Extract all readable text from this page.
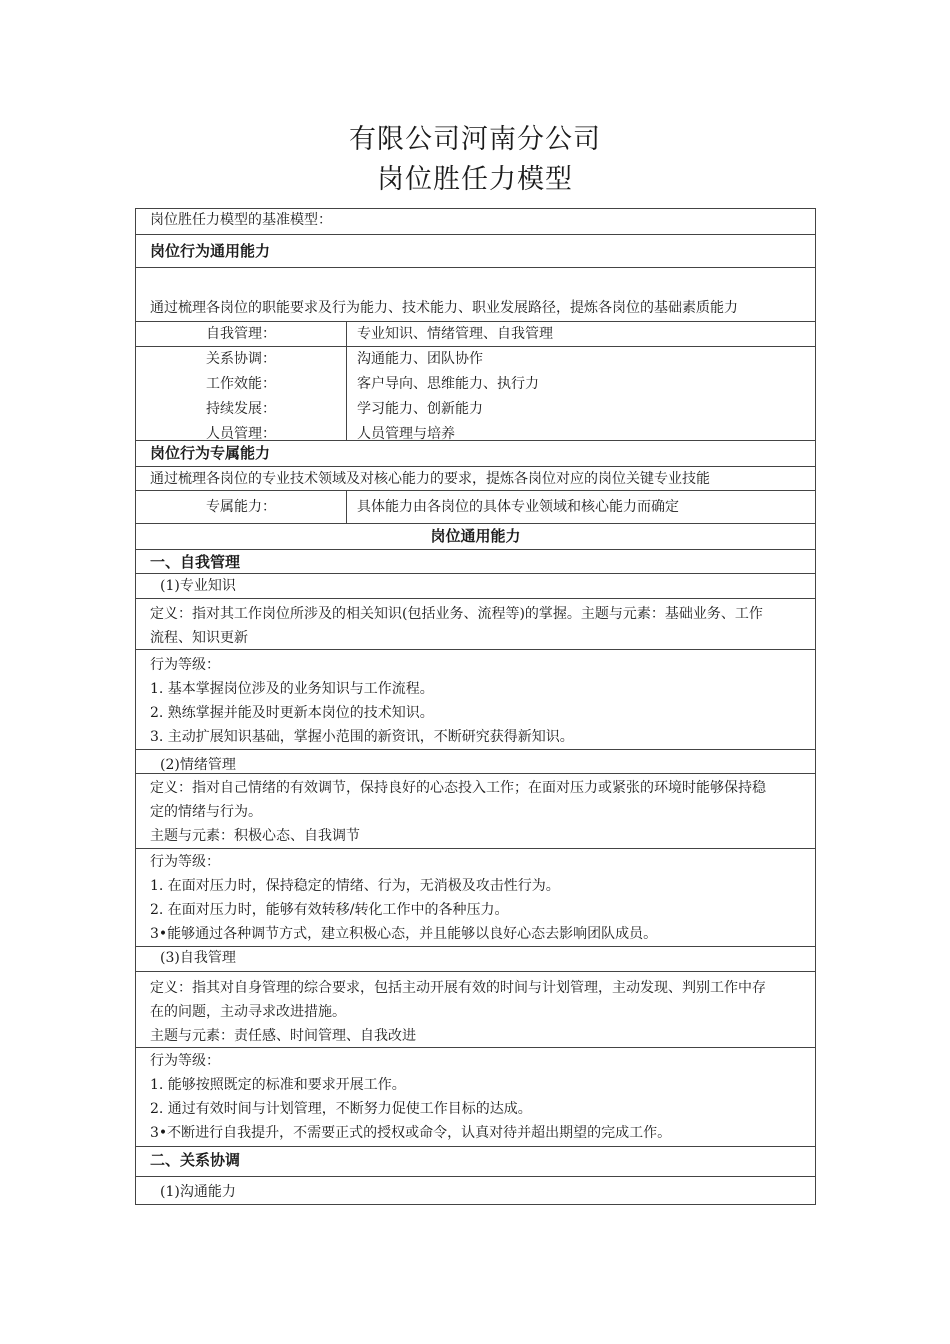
有限公司河南分公司
岗位胜任力模型
岗位胜任力模型的基准模型：
岗位行为通用能力
通过梳理各岗位的职能要求及行为能力、技术能力、职业发展路径，提炼各岗位的基础素质能力
自我管理：	专业知识、情绪管理、自我管理
关系协调：	沟通能力、团队协作
工作效能：	客户导向、思维能力、执行力
持续发展：	学习能力、创新能力
人员管理：	人员管理与培养
岗位行为专属能力
通过梳理各岗位的专业技术领域及对核心能力的要求，提炼各岗位对应的岗位关键专业技能
专属能力：	具体能力由各岗位的具体专业领域和核心能力而确定
岗位通用能力
一、自我管理
(1)专业知识
定义：指对其工作岗位所涉及的相关知识(包括业务、流程等)的掌握。主题与元素：基础业务、工作
流程、知识更新
行为等级：
1. 基本掌握岗位涉及的业务知识与工作流程。
2. 熟练掌握并能及时更新本岗位的技术知识。
3. 主动扩展知识基础，掌握小范围的新资讯，不断研究获得新知识。
(2)情绪管理
定义：指对自己情绪的有效调节，保持良好的心态投入工作；在面对压力或紧张的环境时能够保持稳
定的情绪与行为。
主题与元素：积极心态、自我调节
行为等级：
1. 在面对压力时，保持稳定的情绪、行为，无消极及攻击性行为。
2. 在面对压力时，能够有效转移/转化工作中的各种压力。
3•能够通过各种调节方式，建立积极心态，并且能够以良好心态去影响团队成员。
(3)自我管理
定义：指其对自身管理的综合要求，包括主动开展有效的时间与计划管理，主动发现、判别工作中存
在的问题，主动寻求改进措施。
主题与元素：责任感、时间管理、自我改进
行为等级：
1. 能够按照既定的标准和要求开展工作。
2. 通过有效时间与计划管理，不断努力促使工作目标的达成。
3•不断进行自我提升，不需要正式的授权或命令，认真对待并超出期望的完成工作。
二、关系协调
(1)沟通能力
